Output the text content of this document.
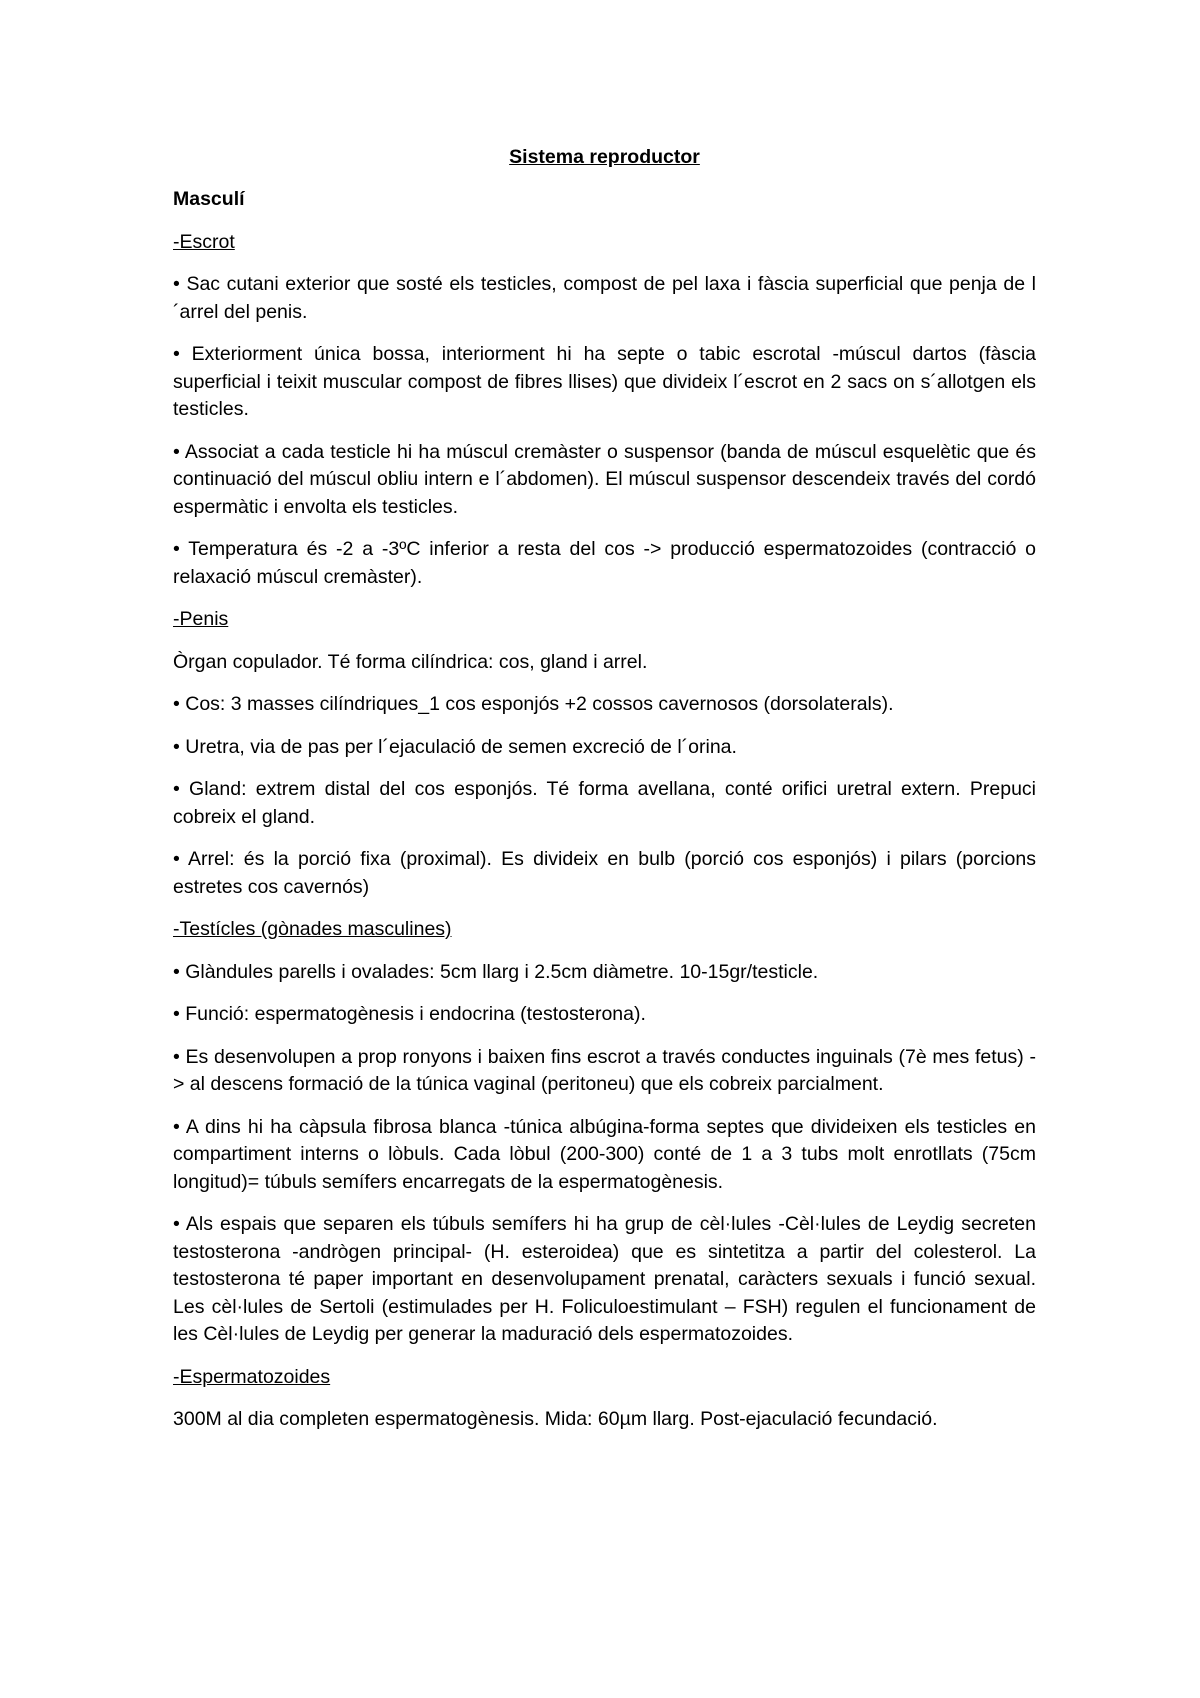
Sistema reproductor
Masculí
-Escrot

• Sac cutani exterior que sosté els testicles, compost de pel laxa i fàscia superficial que penja de l´arrel del penis.

• Exteriorment única bossa, interiorment hi ha septe o tabic escrotal -múscul dartos (fàscia superficial i teixit muscular compost de fibres llises) que divideix l´escrot en 2 sacs on s´allotgen els testicles.

• Associat a cada testicle hi ha múscul cremàster o suspensor (banda de múscul esquelètic que és continuació del múscul obliu intern e l´abdomen). El múscul suspensor descendeix través del cordó espermàtic i envolta els testicles.

• Temperatura és -2 a -3ºC inferior a resta del cos -> producció espermatozoides (contracció o relaxació múscul cremàster).

-Penis

Òrgan copulador. Té forma cilíndrica: cos, gland i arrel.

• Cos: 3 masses cilíndriques_1 cos esponjós +2 cossos cavernosos (dorsolaterals).

• Uretra, via de pas per l´ejaculació de semen excreció de l´orina.

• Gland: extrem distal del cos esponjós. Té forma avellana, conté orifici uretral extern. Prepuci cobreix el gland.

• Arrel: és la porció fixa (proximal). Es divideix en bulb (porció cos esponjós) i pilars (porcions estretes cos cavernós)

-Testícles (gònades masculines)

• Glàndules parells i ovalades: 5cm llarg i 2.5cm diàmetre. 10-15gr/testicle.

• Funció: espermatogènesis i endocrina (testosterona).

• Es desenvolupen a prop ronyons i baixen fins escrot a través conductes inguinals (7è mes fetus) -> al descens formació de la túnica vaginal (peritoneu) que els cobreix parcialment.

• A dins hi ha càpsula fibrosa blanca -túnica albúgina-forma septes que divideixen els testicles en compartiment interns o lòbuls. Cada lòbul (200-300) conté de 1 a 3 tubs molt enrotllats (75cm longitud)= túbuls semífers encarregats de la espermatogènesis.

• Als espais que separen els túbuls semífers hi ha grup de cèl·lules -Cèl·lules de Leydig secreten testosterona -andrògen principal- (H. esteroidea) que es sintetitza a partir del colesterol. La testosterona té paper important en desenvolupament prenatal, caràcters sexuals i funció sexual. Les cèl·lules de Sertoli (estimulades per H. Foliculoestimulant – FSH) regulen el funcionament de les Cèl·lules de Leydig per generar la maduració dels espermatozoides.

-Espermatozoides

300M al dia completen espermatogènesis. Mida: 60µm llarg. Post-ejaculació fecundació.
